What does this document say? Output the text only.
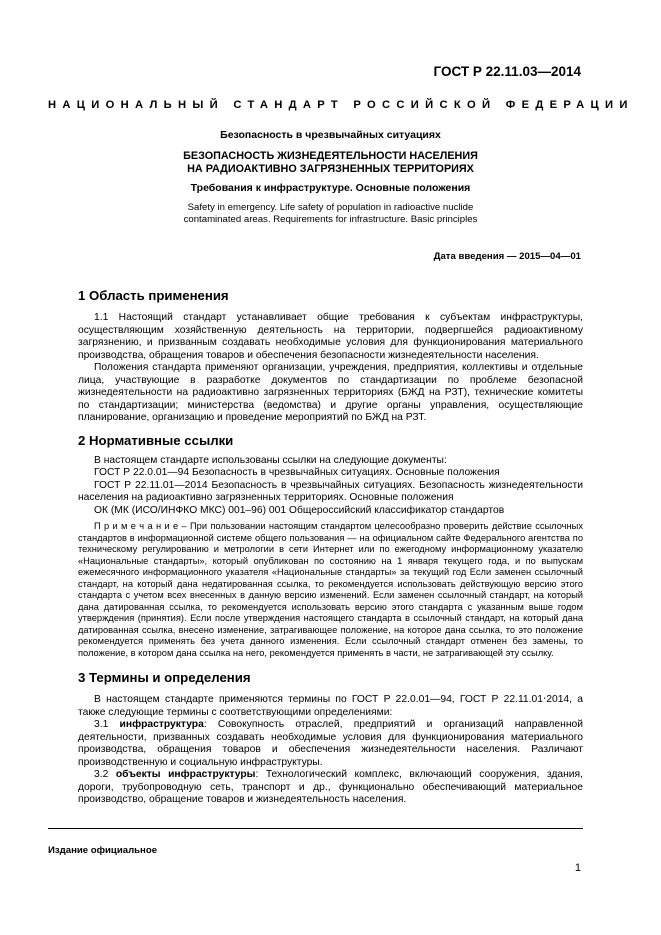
ГОСТ Р 22.11.03—2014
НАЦИОНАЛЬНЫЙ СТАНДАРТ РОССИЙСКОЙ ФЕДЕРАЦИИ
Безопасность в чрезвычайных ситуациях
БЕЗОПАСНОСТЬ ЖИЗНЕДЕЯТЕЛЬНОСТИ НАСЕЛЕНИЯ
НА РАДИОАКТИВНО ЗАГРЯЗНЕННЫХ ТЕРРИТОРИЯХ
Требования к инфраструктуре. Основные положения
Safety in emergency. Life safety of population in radioactive nuclide
contaminated areas. Requirements for infrastructure. Basic principles
Дата введения — 2015—04—01
1 Область применения

1.1 Настоящий стандарт устанавливает общие требования к субъектам инфраструктуры, осуществляющим хозяйственную деятельность на территории, подвергшейся радиоактивному загрязнению, и призванным создавать необходимые условия для функционирования материального производства, обращения товаров и обеспечения безопасности жизнедеятельности населения.

Положения стандарта применяют организации, учреждения, предприятия, коллективы и отдельные лица, участвующие в разработке документов по стандартизации по проблеме безопасной жизнедеятельности на радиоактивно загрязненных территориях (БЖД на РЗТ), технические комитеты по стандартизации; министерства (ведомства) и другие органы управления, осуществляющие планирование, организацию и проведение мероприятий по БЖД на РЗТ.

2 Нормативные ссылки

В настоящем стандарте использованы ссылки на следующие документы:

ГОСТ Р 22.0.01—94 Безопасность в чрезвычайных ситуациях. Основные положения

ГОСТ Р 22.11.01—2014 Безопасность в чрезвычайных ситуациях. Безопасность жизнедеятельности населения на радиоактивно загрязненных территориях. Основные положения

ОК (МК (ИСО/ИНФКО МКС) 001–96) 001 Общероссийский классификатор стандартов

П р и м е ч а н и е – При пользовании настоящим стандартом целесообразно проверить действие ссылочных стандартов в информационной системе общего пользования — на официальном сайте Федерального агентства по техническому регулированию и метрологии в сети Интернет или по ежегодному информационному указателю «Национальные стандарты», который опубликован по состоянию на 1 января текущего года, и по выпускам ежемесячного информационного указателя «Национальные стандарты» за текущий год Если заменен ссылочный стандарт, на который дана недатированная ссылка, то рекомендуется использовать действующую версию этого стандарта с учетом всех внесенных в данную версию изменений. Если заменен ссылочный стандарт, на который дана датированная ссылка, то рекомендуется использовать версию этого стандарта с указанным выше годом утверждения (принятия). Если после утверждения настоящего стандарта в ссылочный стандарт, на который дана датированная ссылка, внесено изменение, затрагивающее положение, на которое дана ссылка, то это положение рекомендуется применять без учета данного изменения. Если ссылочный стандарт отменен без замены, то положение, в котором дана ссылка на него, рекомендуется применять в части, не затрагивающей эту ссылку.

3 Термины и определения

В настоящем стандарте применяются термины по ГОСТ Р 22.0.01—94, ГОСТ Р 22.11.01‧2014, а также следующие термины с соответствующими определениями:

3.1 инфраструктура: Совокупность отраслей, предприятий и организаций направленной деятельности, призванных создавать необходимые условия для функционирования материального производства, обращения товаров и обеспечения жизнедеятельности населения. Различают производственную и социальную инфраструктуры.

3.2 объекты инфраструктуры: Технологический комплекс, включающий сооружения, здания, дороги, трубопроводную сеть, транспорт и др., функционально обеспечивающий материальное производство, обращение товаров и жизнедеятельность населения.

Издание официальное
1
